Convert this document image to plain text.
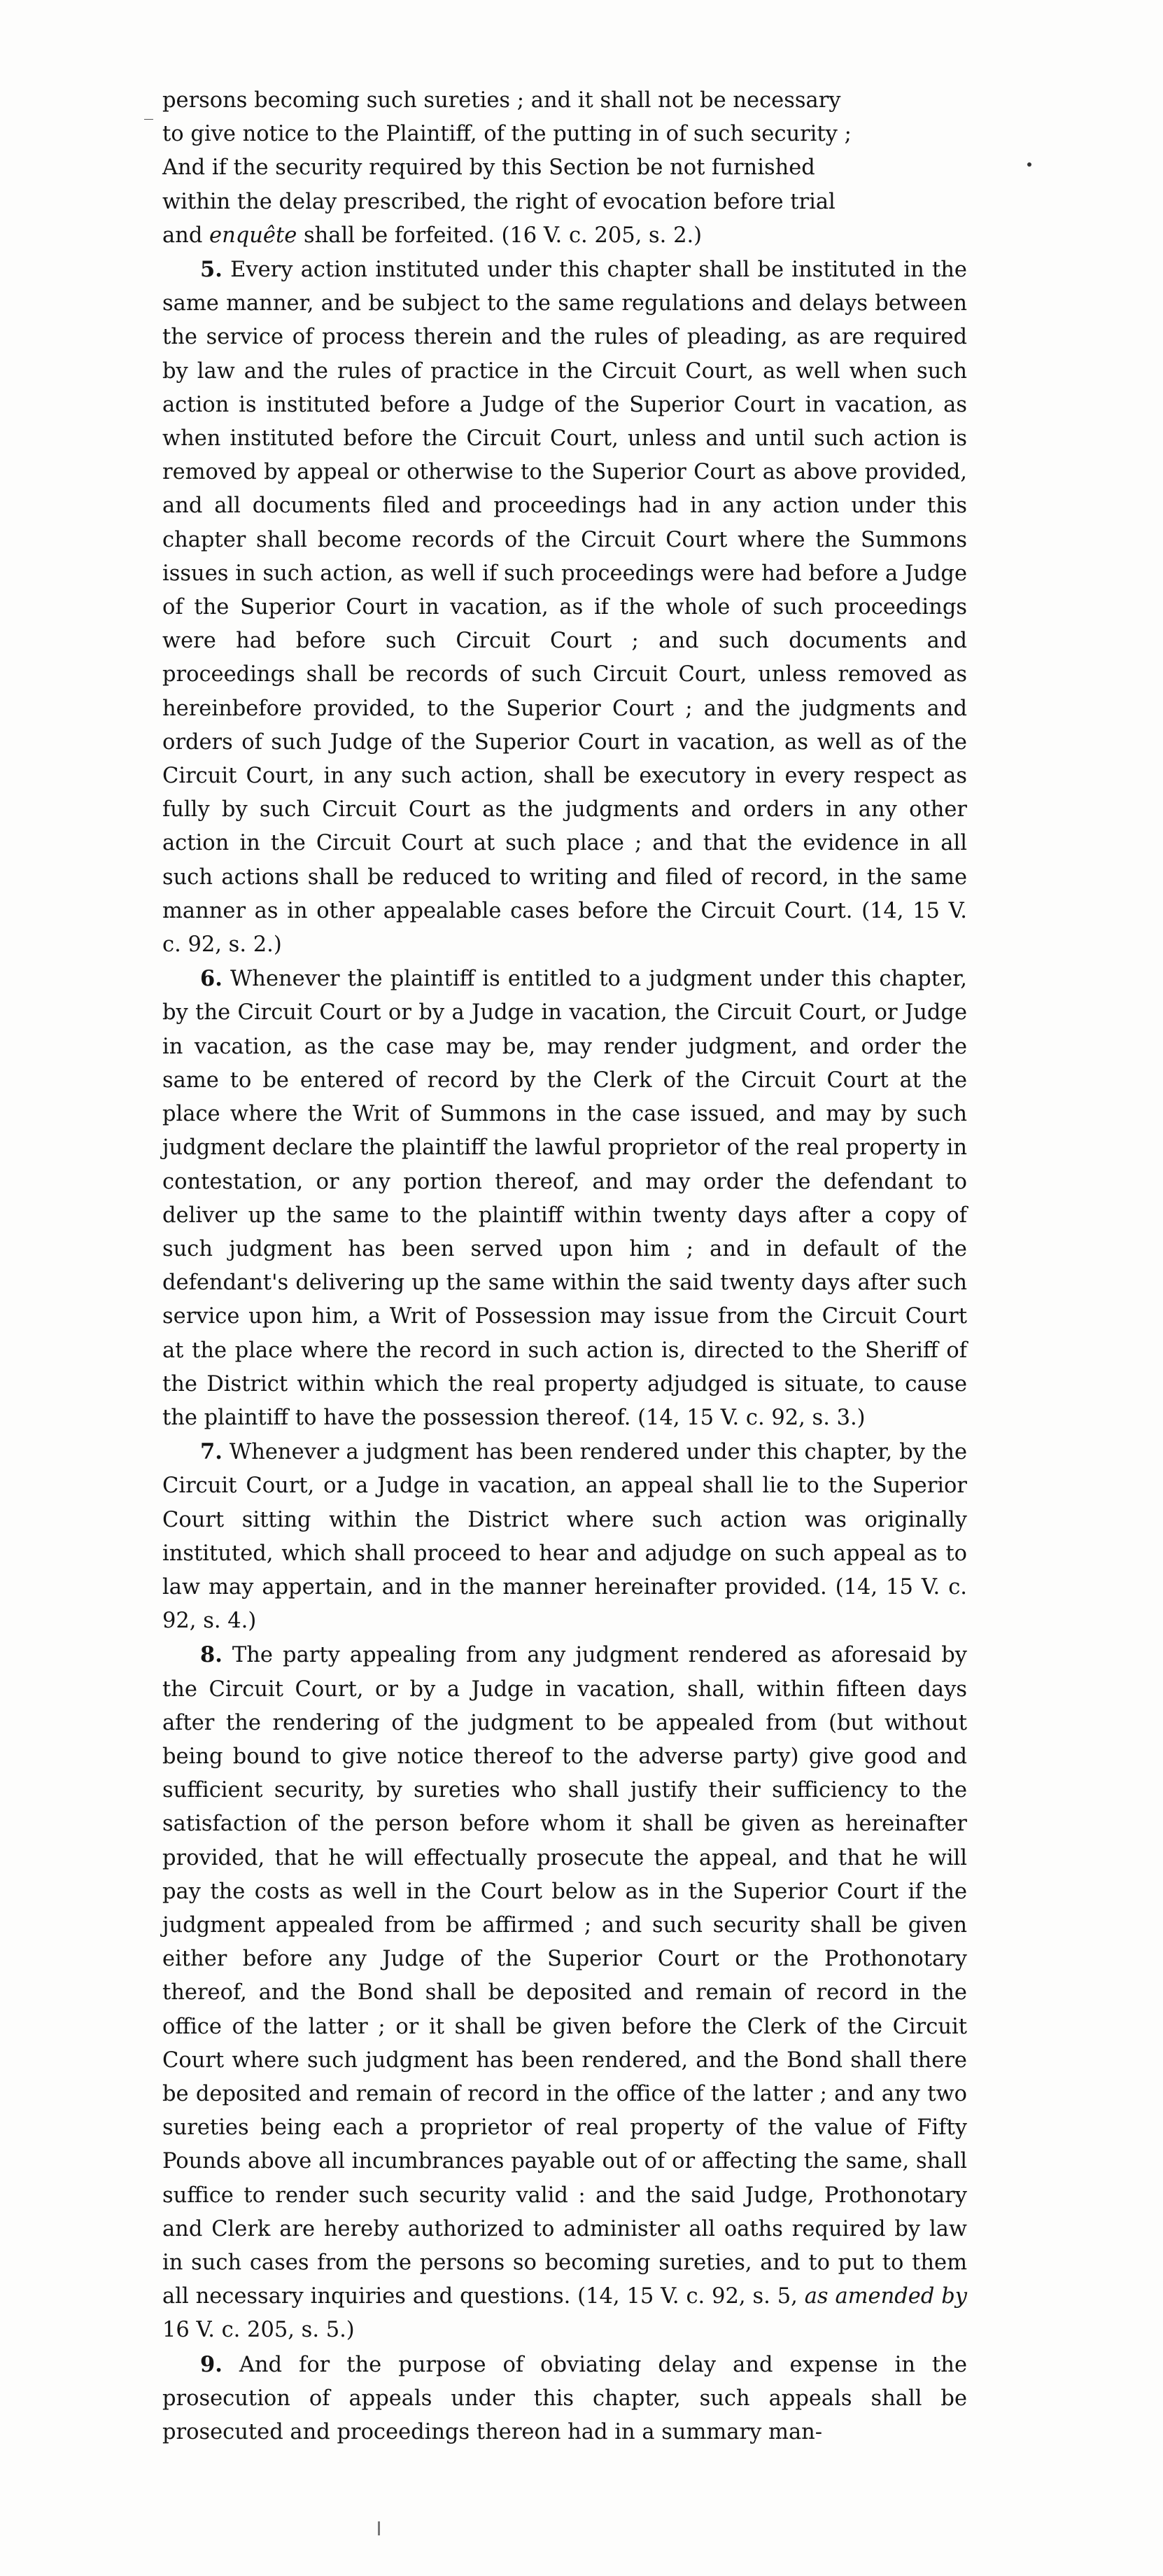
_ persons becoming such sureties ; and it shall not be necessary
to give notice to the Plaintiff, of the putting in of such security ;
And if the security required by this Section be not furnished
within the delay prescribed, the right of evocation before trial
and enquête shall be forfeited. (16 V. c. 205, s. 2.)

5. Every action instituted under this chapter shall be instituted in the same manner, and be subject to the same regulations and delays between the service of process therein and the rules of pleading, as are required by law and the rules of practice in the Circuit Court, as well when such action is instituted before a Judge of the Superior Court in vacation, as when instituted before the Circuit Court, unless and until such action is removed by appeal or otherwise to the Superior Court as above provided, and all documents filed and proceedings had in any action under this chapter shall become records of the Circuit Court where the Summons issues in such action, as well if such proceedings were had before a Judge of the Superior Court in vacation, as if the whole of such proceedings were had before such Circuit Court ; and such documents and proceedings shall be records of such Circuit Court, unless removed as hereinbefore provided, to the Superior Court ; and the judgments and orders of such Judge of the Superior Court in vacation, as well as of the Circuit Court, in any such action, shall be executory in every respect as fully by such Circuit Court as the judgments and orders in any other action in the Circuit Court at such place ; and that the evidence in all such actions shall be reduced to writing and filed of record, in the same manner as in other appealable cases before the Circuit Court. (14, 15 V. c. 92, s. 2.)

6. Whenever the plaintiff is entitled to a judgment under this chapter, by the Circuit Court or by a Judge in vacation, the Circuit Court, or Judge in vacation, as the case may be, may render judgment, and order the same to be entered of record by the Clerk of the Circuit Court at the place where the Writ of Summons in the case issued, and may by such judgment declare the plaintiff the lawful proprietor of the real property in contestation, or any portion thereof, and may order the defendant to deliver up the same to the plaintiff within twenty days after a copy of such judgment has been served upon him ; and in default of the defendant's delivering up the same within the said twenty days after such service upon him, a Writ of Possession may issue from the Circuit Court at the place where the record in such action is, directed to the Sheriff of the District within which the real property adjudged is situate, to cause the plaintiff to have the possession thereof. (14, 15 V. c. 92, s. 3.)

7. Whenever a judgment has been rendered under this chapter, by the Circuit Court, or a Judge in vacation, an appeal shall lie to the Superior Court sitting within the District where such action was originally instituted, which shall proceed to hear and adjudge on such appeal as to law may appertain, and in the manner hereinafter provided. (14, 15 V. c. 92, s. 4.)

8. The party appealing from any judgment rendered as aforesaid by the Circuit Court, or by a Judge in vacation, shall, within fifteen days after the rendering of the judgment to be appealed from (but without being bound to give notice thereof to the adverse party) give good and sufficient security, by sureties who shall justify their sufficiency to the satisfaction of the person before whom it shall be given as hereinafter provided, that he will effectually prosecute the appeal, and that he will pay the costs as well in the Court below as in the Superior Court if the judgment appealed from be affirmed ; and such security shall be given either before any Judge of the Superior Court or the Prothonotary thereof, and the Bond shall be deposited and remain of record in the office of the latter ; or it shall be given before the Clerk of the Circuit Court where such judgment has been rendered, and the Bond shall there be deposited and remain of record in the office of the latter ; and any two sureties being each a proprietor of real property of the value of Fifty Pounds above all incumbrances payable out of or affecting the same, shall suffice to render such security valid : and the said Judge, Prothonotary and Clerk are hereby authorized to administer all oaths required by law in such cases from the persons so becoming sureties, and to put to them all necessary inquiries and questions. (14, 15 V. c. 92, s. 5, as amended by 16 V. c. 205, s. 5.)

9. And for the purpose of obviating delay and expense in the prosecution of appeals under this chapter, such appeals shall be prosecuted and proceedings thereon had in a summary man-
